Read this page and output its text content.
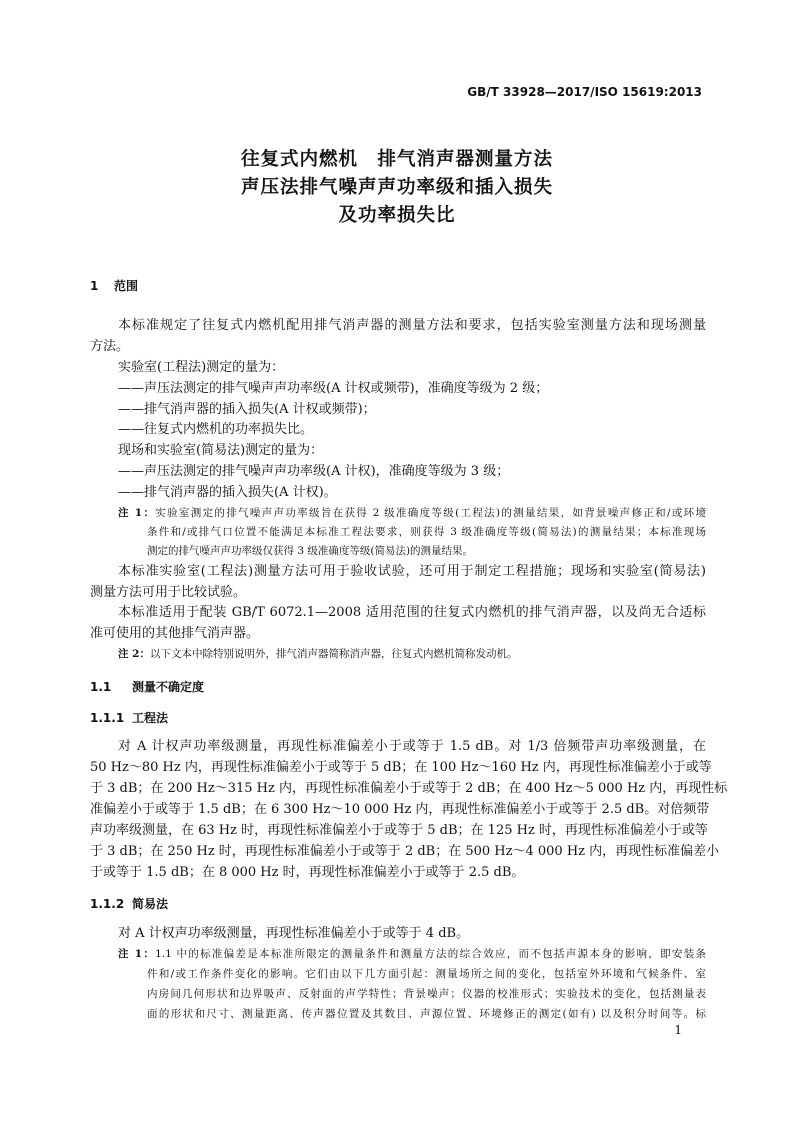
GB/T 33928—2017/ISO 15619:2013
往复式内燃机　排气消声器测量方法
声压法排气噪声声功率级和插入损失
及功率损失比
1 范围
本标准规定了往复式内燃机配用排气消声器的测量方法和要求，包括实验室测量方法和现场测量
方法。
实验室(工程法)测定的量为：
——声压法测定的排气噪声声功率级(A 计权或频带)，准确度等级为 2 级；
——排气消声器的插入损失(A 计权或频带)；
——往复式内燃机的功率损失比。
现场和实验室(简易法)测定的量为：
——声压法测定的排气噪声声功率级(A 计权)，准确度等级为 3 级；
——排气消声器的插入损失(A 计权)。
注 1：实验室测定的排气噪声声功率级旨在获得 2 级准确度等级(工程法)的测量结果，如背景噪声修正和/或环境
条件和/或排气口位置不能满足本标准工程法要求，则获得 3 级准确度等级(简易法)的测量结果；本标准现场
测定的排气噪声声功率级仅获得 3 级准确度等级(简易法)的测量结果。
本标准实验室(工程法)测量方法可用于验收试验，还可用于制定工程措施；现场和实验室(简易法)
测量方法可用于比较试验。
本标准适用于配装 GB/T 6072.1—2008 适用范围的往复式内燃机的排气消声器，以及尚无合适标
准可使用的其他排气消声器。
注 2：以下文本中除特别说明外，排气消声器简称消声器，往复式内燃机简称发动机。
1.1 测量不确定度
1.1.1 工程法
对 A 计权声功率级测量，再现性标准偏差小于或等于 1.5 dB。对 1/3 倍频带声功率级测量，在
50 Hz～80 Hz 内，再现性标准偏差小于或等于 5 dB；在 100 Hz～160 Hz 内，再现性标准偏差小于或等
于 3 dB；在 200 Hz～315 Hz 内，再现性标准偏差小于或等于 2 dB；在 400 Hz～5 000 Hz 内，再现性标
准偏差小于或等于 1.5 dB；在 6 300 Hz～10 000 Hz 内，再现性标准偏差小于或等于 2.5 dB。对倍频带
声功率级测量，在 63 Hz 时，再现性标准偏差小于或等于 5 dB；在 125 Hz 时，再现性标准偏差小于或等
于 3 dB；在 250 Hz 时，再现性标准偏差小于或等于 2 dB；在 500 Hz～4 000 Hz 内，再现性标准偏差小
于或等于 1.5 dB；在 8 000 Hz 时，再现性标准偏差小于或等于 2.5 dB。
1.1.2 简易法
对 A 计权声功率级测量，再现性标准偏差小于或等于 4 dB。
注 1：1.1 中的标准偏差是本标准所限定的测量条件和测量方法的综合效应，而不包括声源本身的影响，即安装条
件和/或工作条件变化的影响。它们由以下几方面引起：测量场所之间的变化，包括室外环境和气候条件、室
内房间几何形状和边界吸声、反射面的声学特性；背景噪声；仪器的校准形式；实验技术的变化，包括测量表
面的形状和尺寸、测量距离、传声器位置及其数目、声源位置、环境修正的测定(如有) 以及积分时间等。标
1
